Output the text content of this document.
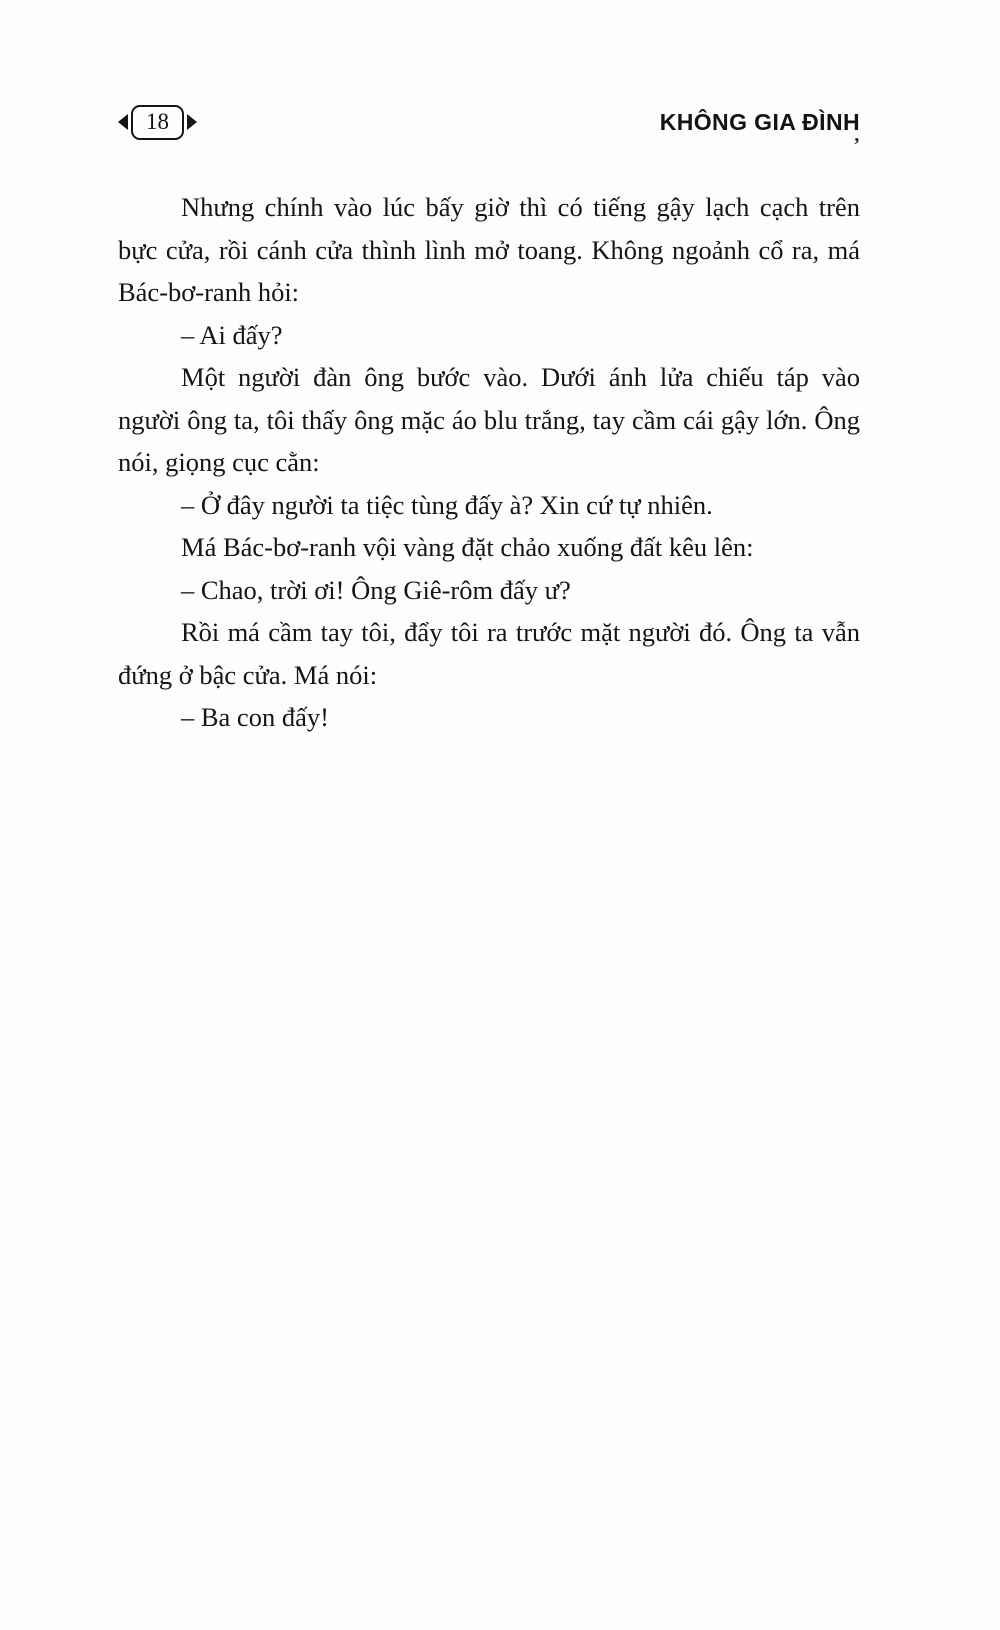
18	KHÔNG GIA ĐÌNH
’

Nhưng chính vào lúc bấy giờ thì có tiếng gậy lạch cạch trên bực cửa, rồi cánh cửa thình lình mở toang. Không ngoảnh cổ ra, má Bác-bơ-ranh hỏi:

– Ai đấy?

Một người đàn ông bước vào. Dưới ánh lửa chiếu táp vào người ông ta, tôi thấy ông mặc áo blu trắng, tay cầm cái gậy lớn. Ông nói, giọng cục cằn:

– Ở đây người ta tiệc tùng đấy à? Xin cứ tự nhiên.

Má Bác-bơ-ranh vội vàng đặt chảo xuống đất kêu lên:

– Chao, trời ơi! Ông Giê-rôm đấy ư?

Rồi má cầm tay tôi, đẩy tôi ra trước mặt người đó. Ông ta vẫn đứng ở bậc cửa. Má nói:

– Ba con đấy!
